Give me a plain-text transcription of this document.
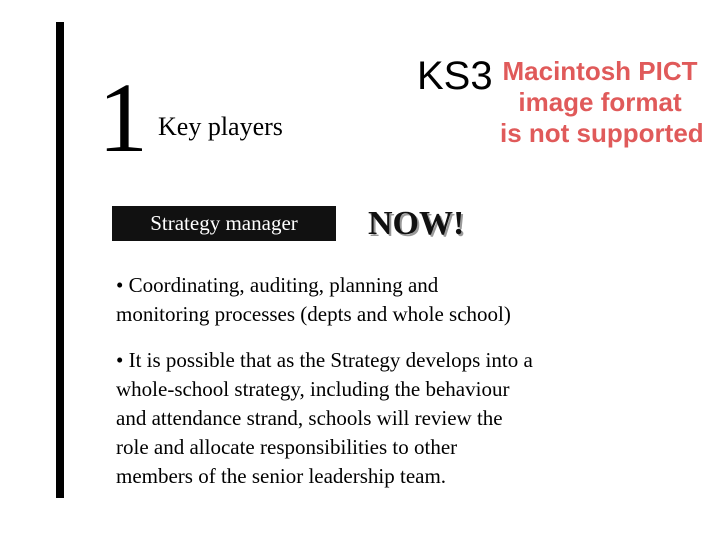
1 Key players
KS3 Macintosh PICT
image format
is not supported
Strategy manager	NOW!
• Coordinating, auditing, planning and
monitoring processes (depts and whole school)
• It is possible that as the Strategy develops into a
whole-school strategy, including the behaviour
and attendance strand, schools will review the
role and allocate responsibilities to other
members of the senior leadership team.
